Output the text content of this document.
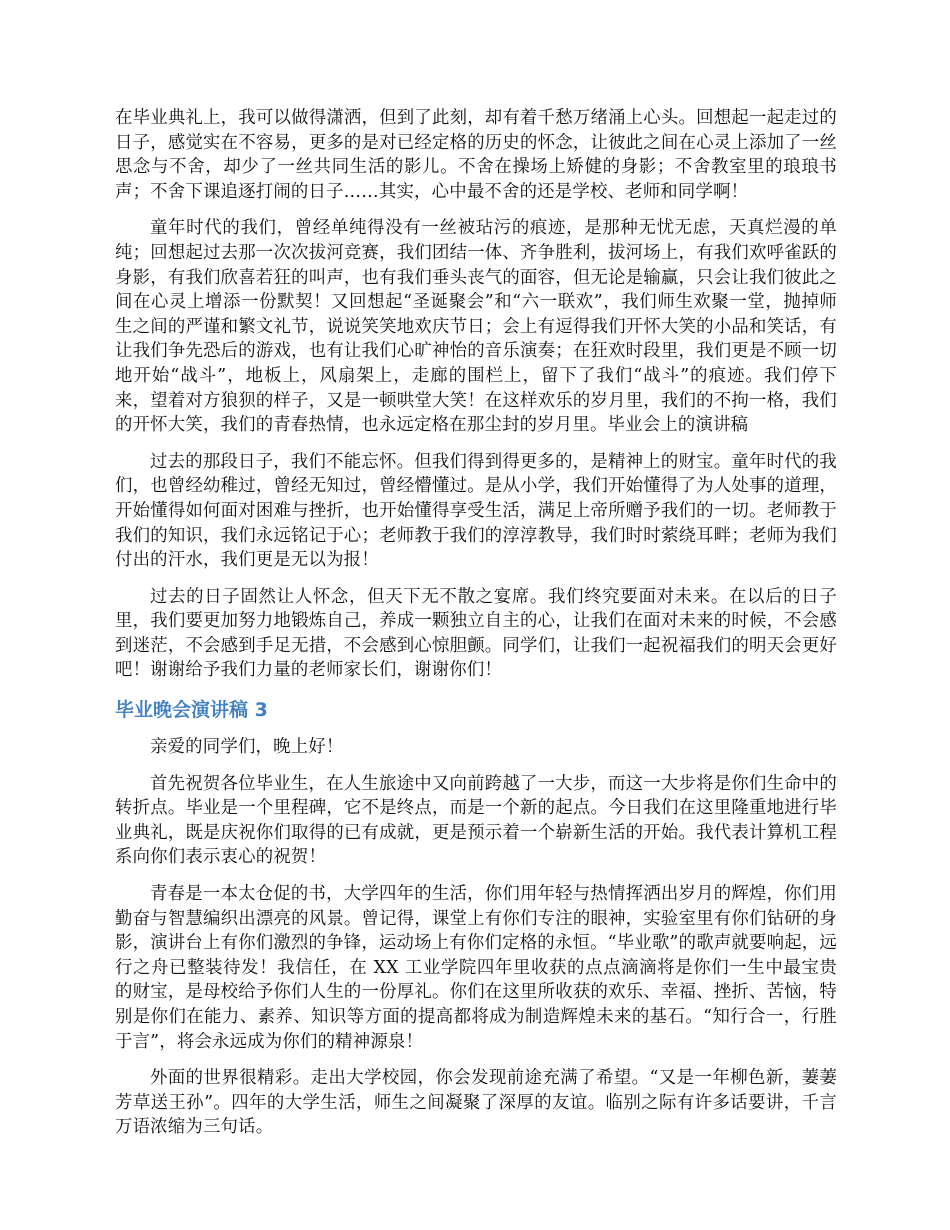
在毕业典礼上，我可以做得潇洒，但到了此刻，却有着千愁万绪涌上心头。回想起一起走过的日子，感觉实在不容易，更多的是对已经定格的历史的怀念，让彼此之间在心灵上添加了一丝思念与不舍，却少了一丝共同生活的影儿。不舍在操场上矫健的身影；不舍教室里的琅琅书声；不舍下课追逐打闹的日子……其实，心中最不舍的还是学校、老师和同学啊！

童年时代的我们，曾经单纯得没有一丝被玷污的痕迹，是那种无忧无虑，天真烂漫的单纯；回想起过去那一次次拔河竞赛，我们团结一体、齐争胜利，拔河场上，有我们欢呼雀跃的身影，有我们欣喜若狂的叫声，也有我们垂头丧气的面容，但无论是输赢，只会让我们彼此之间在心灵上增添一份默契！又回想起“圣诞聚会”和“六一联欢”，我们师生欢聚一堂，抛掉师生之间的严谨和繁文礼节，说说笑笑地欢庆节日；会上有逗得我们开怀大笑的小品和笑话，有让我们争先恐后的游戏，也有让我们心旷神怡的音乐演奏；在狂欢时段里，我们更是不顾一切地开始“战斗”，地板上，风扇架上，走廊的围栏上，留下了我们“战斗”的痕迹。我们停下来，望着对方狼狈的样子，又是一顿哄堂大笑！在这样欢乐的岁月里，我们的不拘一格，我们的开怀大笑，我们的青春热情，也永远定格在那尘封的岁月里。毕业会上的演讲稿

过去的那段日子，我们不能忘怀。但我们得到得更多的，是精神上的财宝。童年时代的我们，也曾经幼稚过，曾经无知过，曾经懵懂过。是从小学，我们开始懂得了为人处事的道理，开始懂得如何面对困难与挫折，也开始懂得享受生活，满足上帝所赠予我们的一切。老师教于我们的知识，我们永远铭记于心；老师教于我们的淳淳教导，我们时时萦绕耳畔；老师为我们付出的汗水，我们更是无以为报！

过去的日子固然让人怀念，但天下无不散之宴席。我们终究要面对未来。在以后的日子里，我们要更加努力地锻炼自己，养成一颗独立自主的心，让我们在面对未来的时候，不会感到迷茫，不会感到手足无措，不会感到心惊胆颤。同学们，让我们一起祝福我们的明天会更好吧！谢谢给予我们力量的老师家长们，谢谢你们！

毕业晚会演讲稿 3

亲爱的同学们，晚上好！

首先祝贺各位毕业生，在人生旅途中又向前跨越了一大步，而这一大步将是你们生命中的转折点。毕业是一个里程碑，它不是终点，而是一个新的起点。今日我们在这里隆重地进行毕业典礼，既是庆祝你们取得的已有成就，更是预示着一个崭新生活的开始。我代表计算机工程系向你们表示衷心的祝贺！

青春是一本太仓促的书，大学四年的生活，你们用年轻与热情挥洒出岁月的辉煌，你们用勤奋与智慧编织出漂亮的风景。曾记得，课堂上有你们专注的眼神，实验室里有你们钻研的身影，演讲台上有你们激烈的争锋，运动场上有你们定格的永恒。“毕业歌”的歌声就要响起，远行之舟已整装待发！我信任，在 XX 工业学院四年里收获的点点滴滴将是你们一生中最宝贵的财宝，是母校给予你们人生的一份厚礼。你们在这里所收获的欢乐、幸福、挫折、苦恼，特别是你们在能力、素养、知识等方面的提高都将成为制造辉煌未来的基石。“知行合一，行胜于言”，将会永远成为你们的精神源泉！

外面的世界很精彩。走出大学校园，你会发现前途充满了希望。“又是一年柳色新，萋萋芳草送王孙”。四年的大学生活，师生之间凝聚了深厚的友谊。临别之际有许多话要讲，千言万语浓缩为三句话。
